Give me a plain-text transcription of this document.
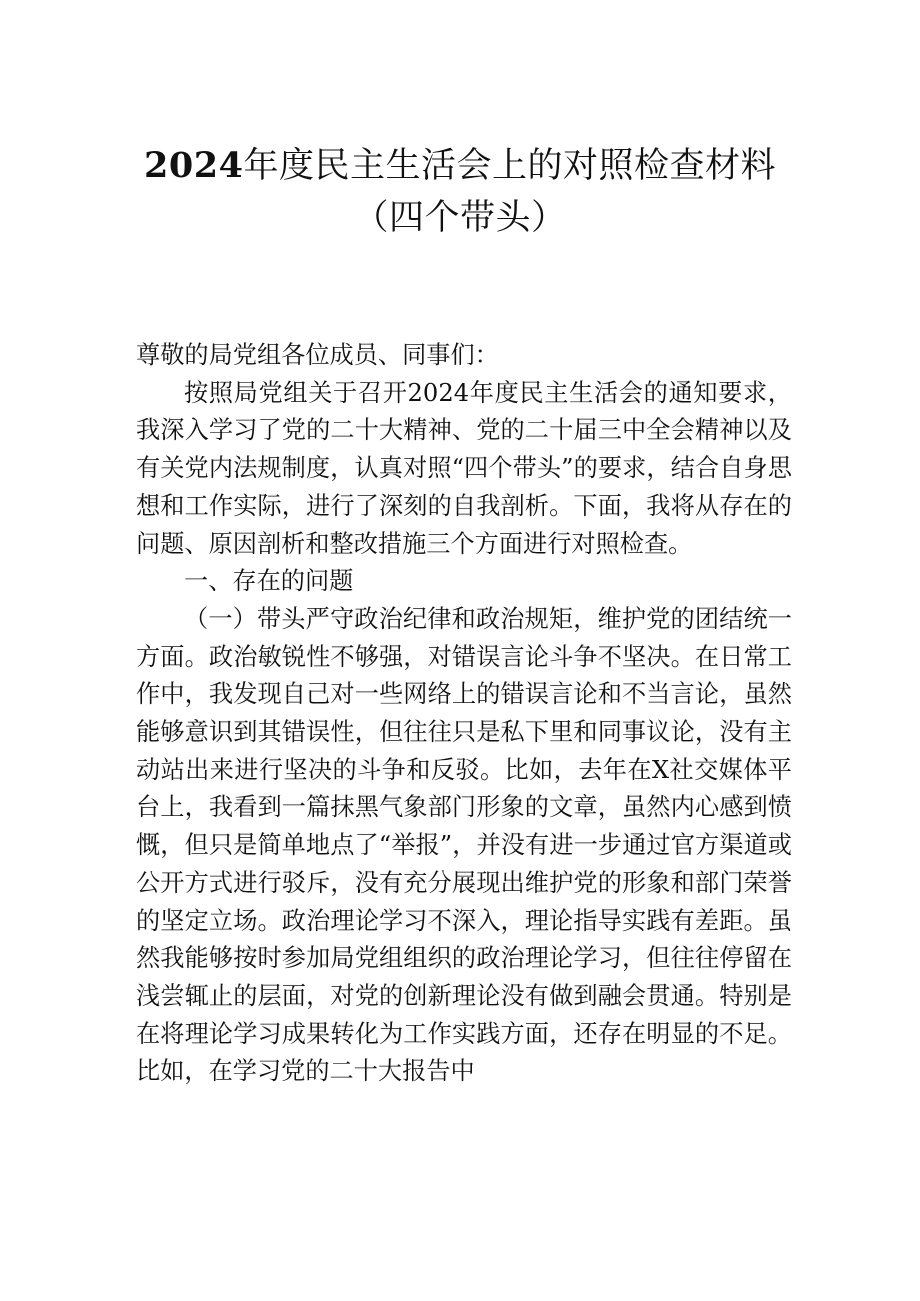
2024年度民主生活会上的对照检查材料
（四个带头）

尊敬的局党组各位成员、同事们：

按照局党组关于召开2024年度民主生活会的通知要求，我深入学习了党的二十大精神、党的二十届三中全会精神以及有关党内法规制度，认真对照“四个带头”的要求，结合自身思想和工作实际，进行了深刻的自我剖析。下面，我将从存在的问题、原因剖析和整改措施三个方面进行对照检查。

一、存在的问题

（一）带头严守政治纪律和政治规矩，维护党的团结统一方面。政治敏锐性不够强，对错误言论斗争不坚决。在日常工作中，我发现自己对一些网络上的错误言论和不当言论，虽然能够意识到其错误性，但往往只是私下里和同事议论，没有主动站出来进行坚决的斗争和反驳。比如，去年在X社交媒体平台上，我看到一篇抹黑气象部门形象的文章，虽然内心感到愤慨，但只是简单地点了“举报”，并没有进一步通过官方渠道或公开方式进行驳斥，没有充分展现出维护党的形象和部门荣誉的坚定立场。政治理论学习不深入，理论指导实践有差距。虽然我能够按时参加局党组组织的政治理论学习，但往往停留在浅尝辄止的层面，对党的创新理论没有做到融会贯通。特别是在将理论学习成果转化为工作实践方面，还存在明显的不足。比如，在学习党的二十大报告中
